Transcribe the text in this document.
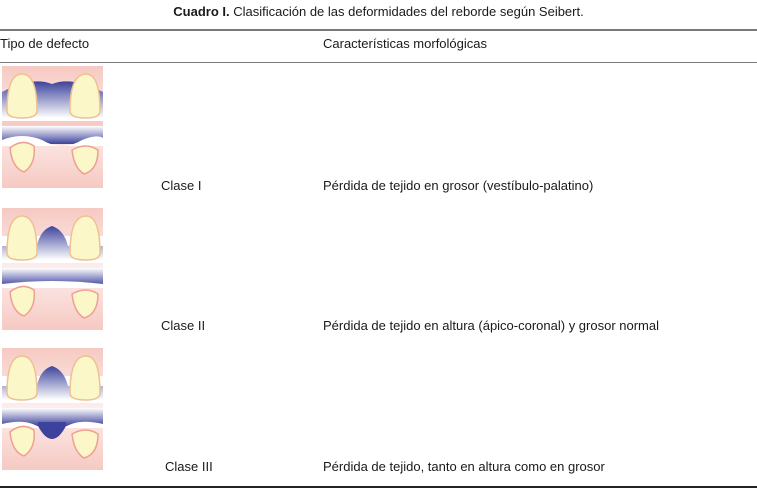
Cuadro I. Clasificación de las deformidades del reborde según Seibert.
Tipo de defecto	Características morfológicas
Clase I	Pérdida de tejido en grosor (vestíbulo-palatino)
Clase II	Pérdida de tejido en altura (ápico-coronal) y grosor normal
Clase III	Pérdida de tejido, tanto en altura como en grosor
